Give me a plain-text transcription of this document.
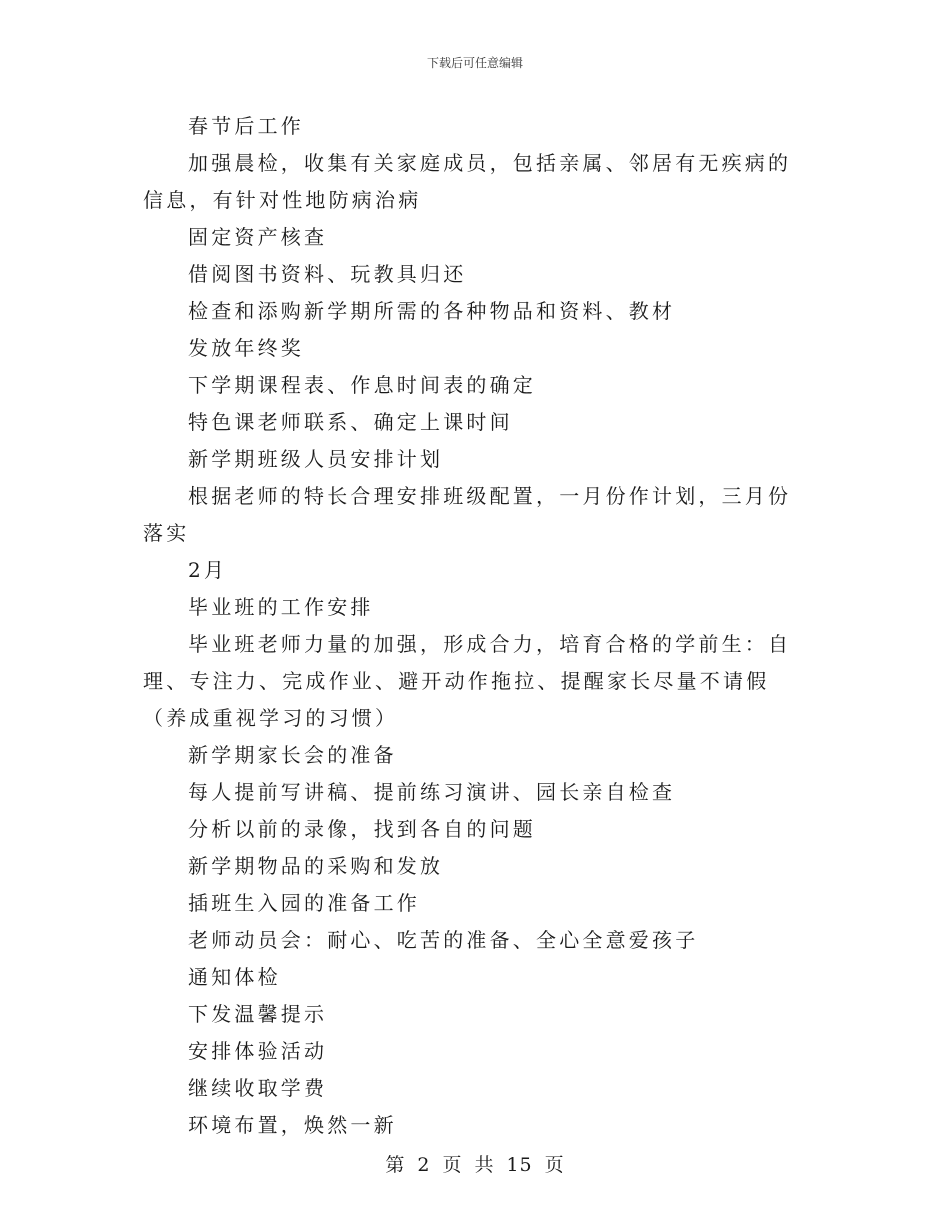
下载后可任意编辑

春节后工作

加强晨检，收集有关家庭成员，包括亲属、邻居有无疾病的信息，有针对性地防病治病

固定资产核查

借阅图书资料、玩教具归还

检查和添购新学期所需的各种物品和资料、教材

发放年终奖

下学期课程表、作息时间表的确定

特色课老师联系、确定上课时间

新学期班级人员安排计划

根据老师的特长合理安排班级配置，一月份作计划，三月份落实

2月

毕业班的工作安排

毕业班老师力量的加强，形成合力，培育合格的学前生：自理、专注力、完成作业、避开动作拖拉、提醒家长尽量不请假（养成重视学习的习惯）

新学期家长会的准备

每人提前写讲稿、提前练习演讲、园长亲自检查

分析以前的录像，找到各自的问题

新学期物品的采购和发放

插班生入园的准备工作

老师动员会：耐心、吃苦的准备、全心全意爱孩子

通知体检

下发温馨提示

安排体验活动

继续收取学费

环境布置，焕然一新

第 2 页 共 15 页
